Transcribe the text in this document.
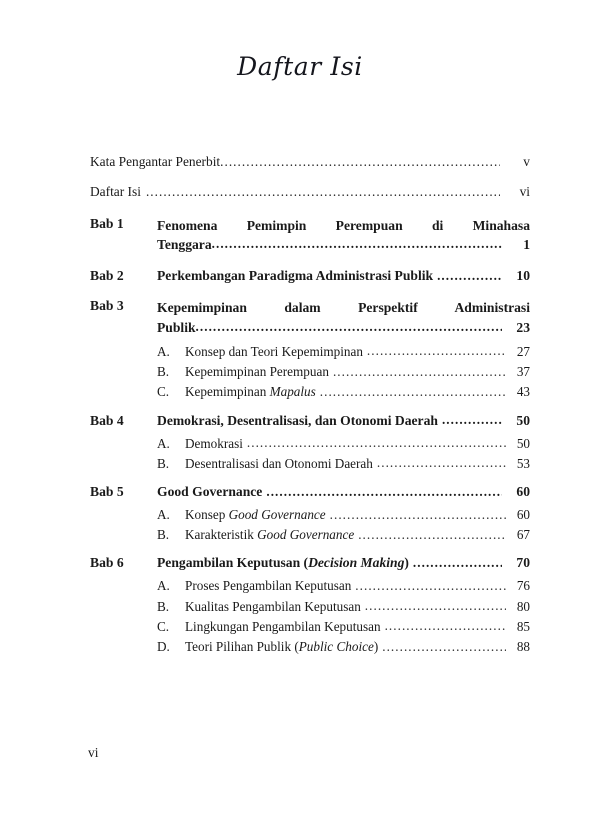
Daftar Isi
Kata Pengantar Penerbit .....	v
Daftar Isi .....	vi
Bab 1	Fenomena Pemimpin Perempuan di Minahasa
Tenggara .....	1
Bab 2	Perkembangan Paradigma Administrasi Publik .....	10
Bab 3	Kepemimpinan dalam Perspektif Administrasi
Publik .....	23
A.	Konsep dan Teori Kepemimpinan .....	27
B.	Kepemimpinan Perempuan .....	37
C.	Kepemimpinan Mapalus .....	43
Bab 4	Demokrasi, Desentralisasi, dan Otonomi Daerah .....	50
A.	Demokrasi .....	50
B.	Desentralisasi dan Otonomi Daerah .....	53
Bab 5	Good Governance .....	60
A.	Konsep Good Governance .....	60
B.	Karakteristik Good Governance .....	67
Bab 6	Pengambilan Keputusan (Decision Making) .....	70
A.	Proses Pengambilan Keputusan .....	76
B.	Kualitas Pengambilan Keputusan .....	80
C.	Lingkungan Pengambilan Keputusan .....	85
D.	Teori Pilihan Publik (Public Choice) .....	88
vi
